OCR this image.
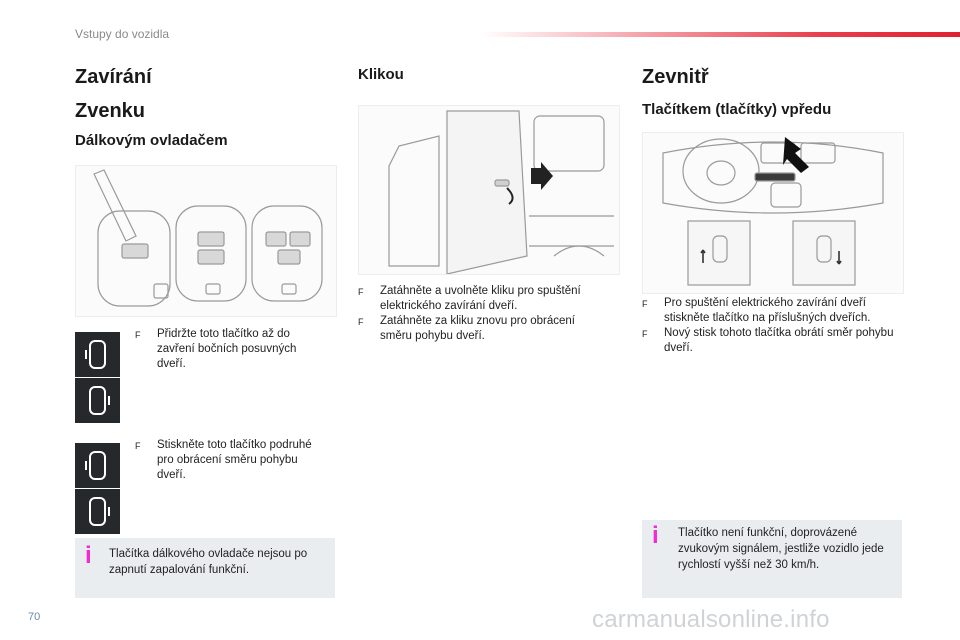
Vstupy do vozidla
Zavírání
Zvenku
Dálkovým ovladačem
F	Přidržte toto tlačítko až do zavření bočních posuvných dveří.
F	Stiskněte toto tlačítko podruhé pro obrácení směru pohybu dveří.
i Tlačítka dálkového ovladače nejsou po zapnutí zapalování funkční.
Klikou
F	Zatáhněte a uvolněte kliku pro spuštění elektrického zavírání dveří.
F	Zatáhněte za kliku znovu pro obrácení směru pohybu dveří.
Zevnitř
Tlačítkem (tlačítky) vpředu
F	Pro spuštění elektrického zavírání dveří stiskněte tlačítko na příslušných dveřích.
F	Nový stisk tohoto tlačítka obrátí směr pohybu dveří.
i Tlačítko není funkční, doprovázené zvukovým signálem, jestliže vozidlo jede rychlostí vyšší než 30 km/h.
70	carmanualsonline.info
